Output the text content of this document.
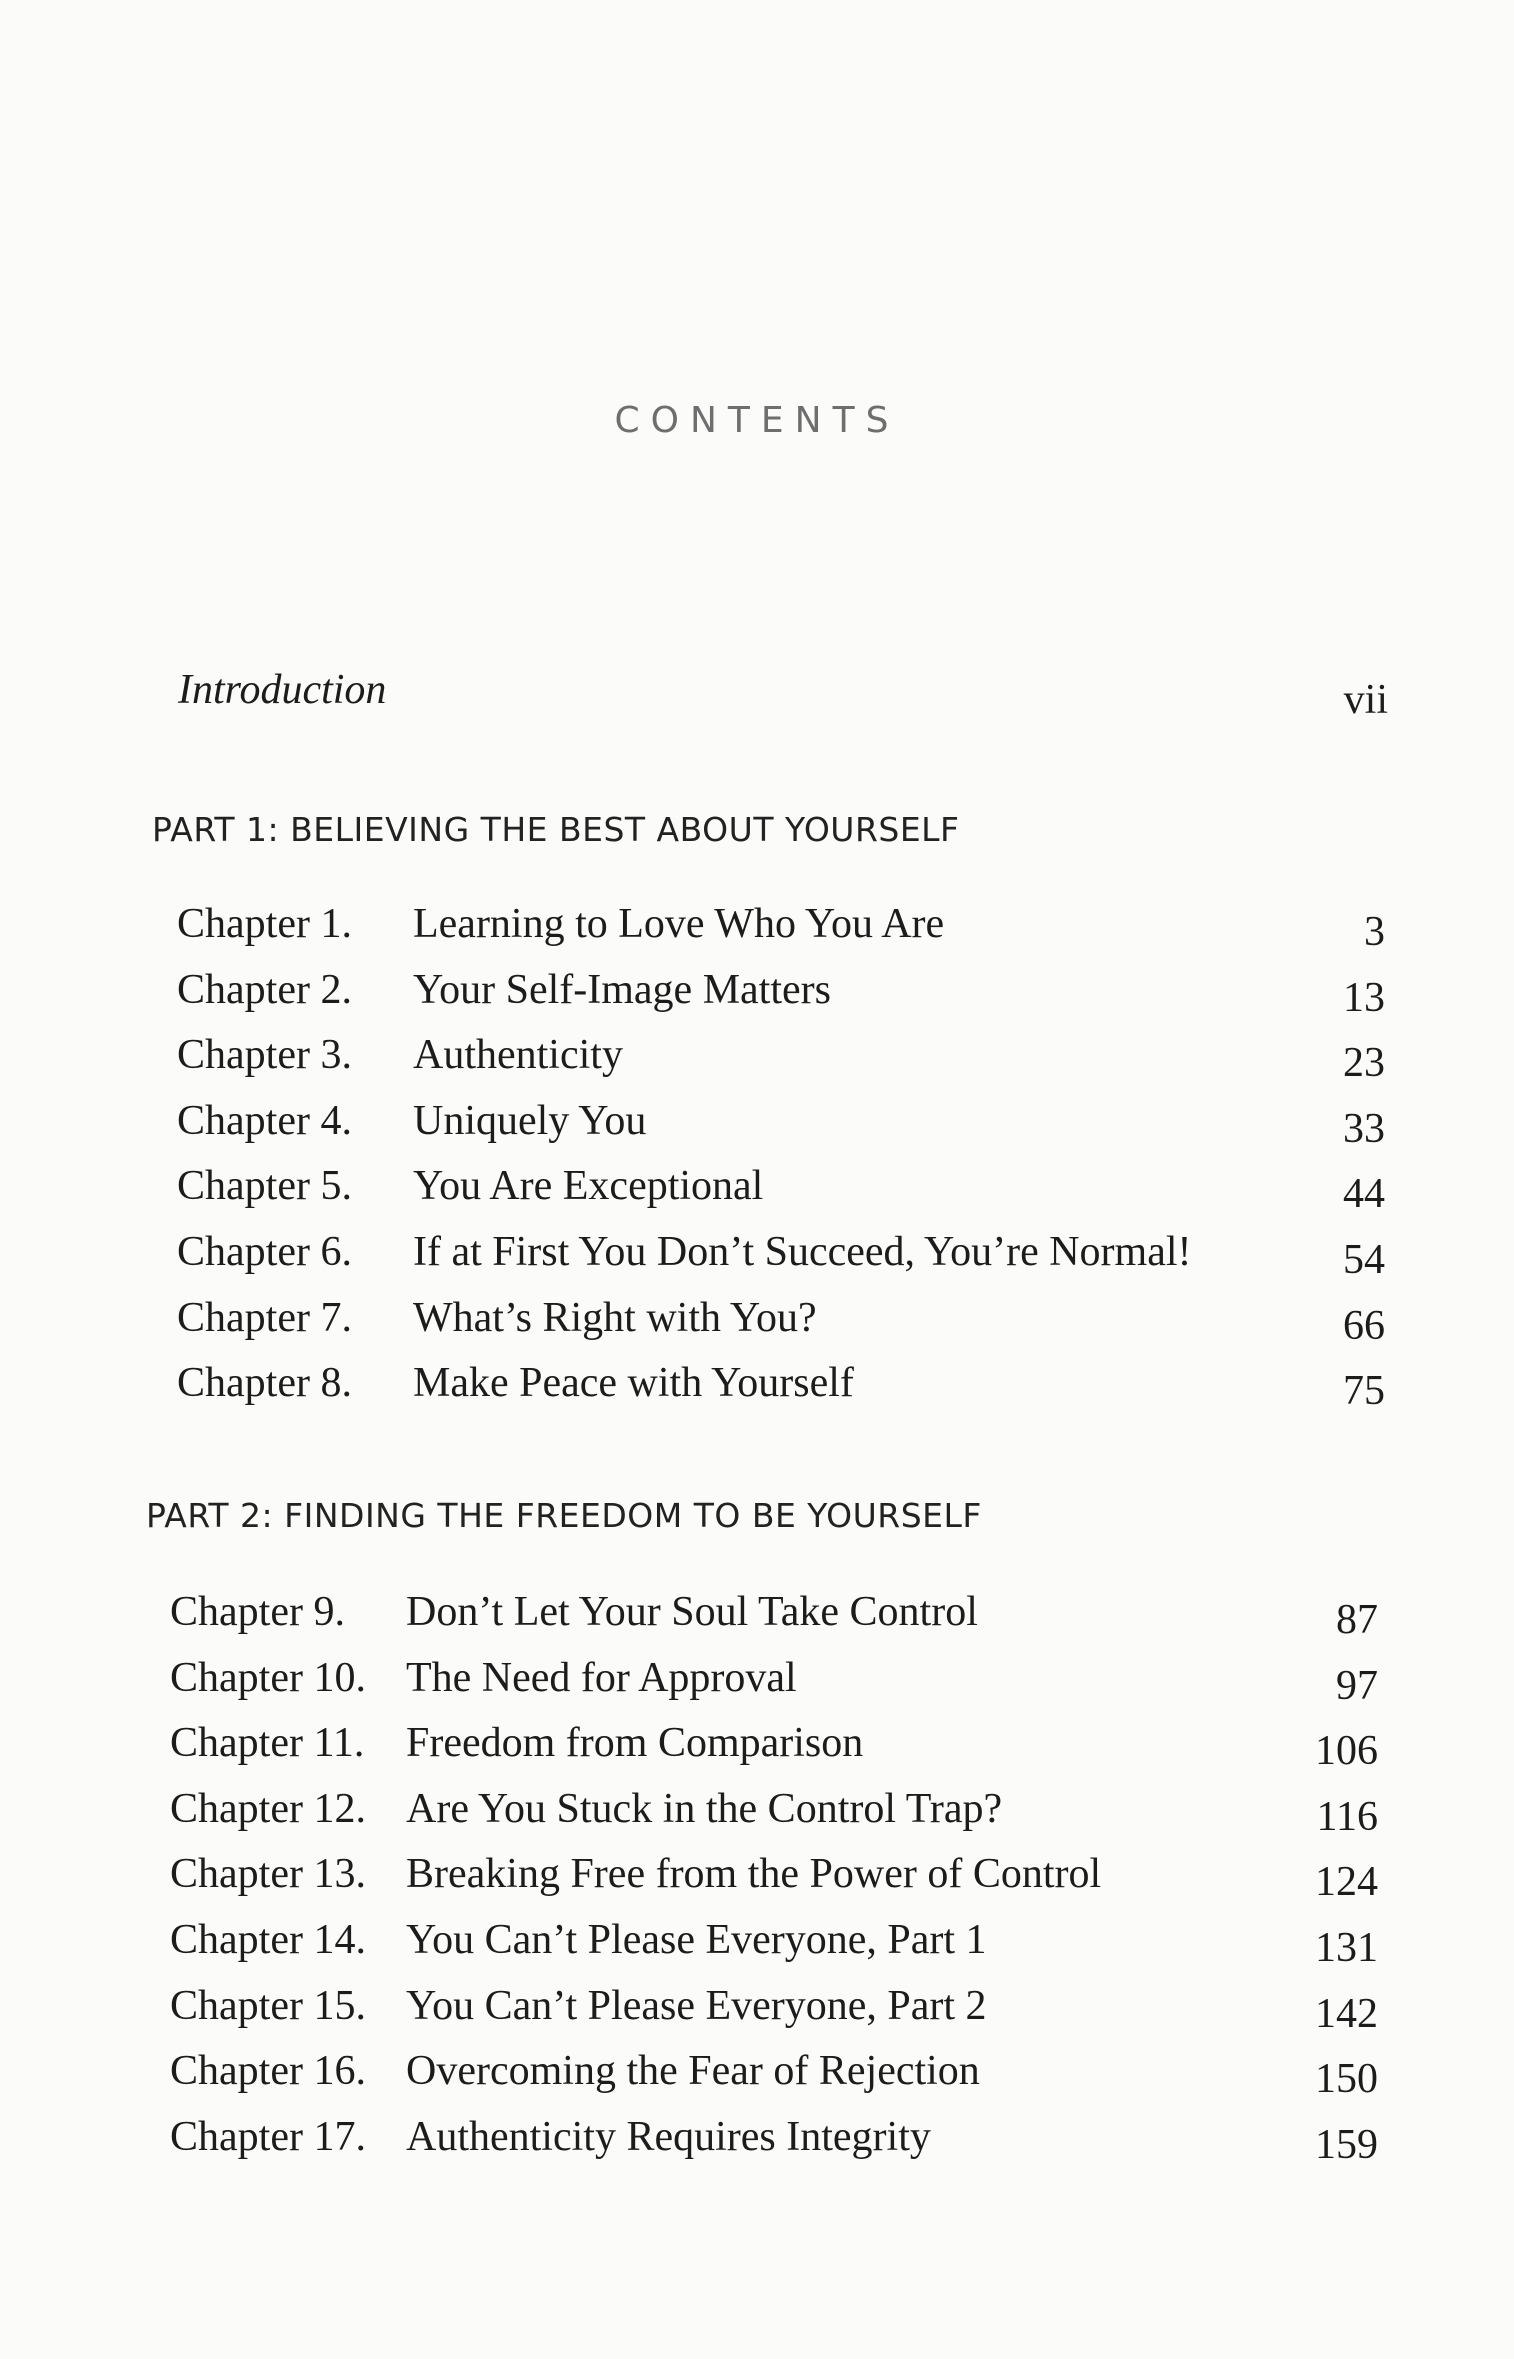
CONTENTS
Introduction	vii
PART 1: BELIEVING THE BEST ABOUT YOURSELF
Chapter 1. Learning to Love Who You Are	3
Chapter 2. Your Self-Image Matters	13
Chapter 3. Authenticity	23
Chapter 4. Uniquely You	33
Chapter 5. You Are Exceptional	44
Chapter 6. If at First You Don’t Succeed, You’re Normal!	54
Chapter 7. What’s Right with You?	66
Chapter 8. Make Peace with Yourself	75
PART 2: FINDING THE FREEDOM TO BE YOURSELF
Chapter 9. Don’t Let Your Soul Take Control	87
Chapter 10. The Need for Approval	97
Chapter 11. Freedom from Comparison	106
Chapter 12. Are You Stuck in the Control Trap?	116
Chapter 13. Breaking Free from the Power of Control	124
Chapter 14. You Can’t Please Everyone, Part 1	131
Chapter 15. You Can’t Please Everyone, Part 2	142
Chapter 16. Overcoming the Fear of Rejection	150
Chapter 17. Authenticity Requires Integrity	159
